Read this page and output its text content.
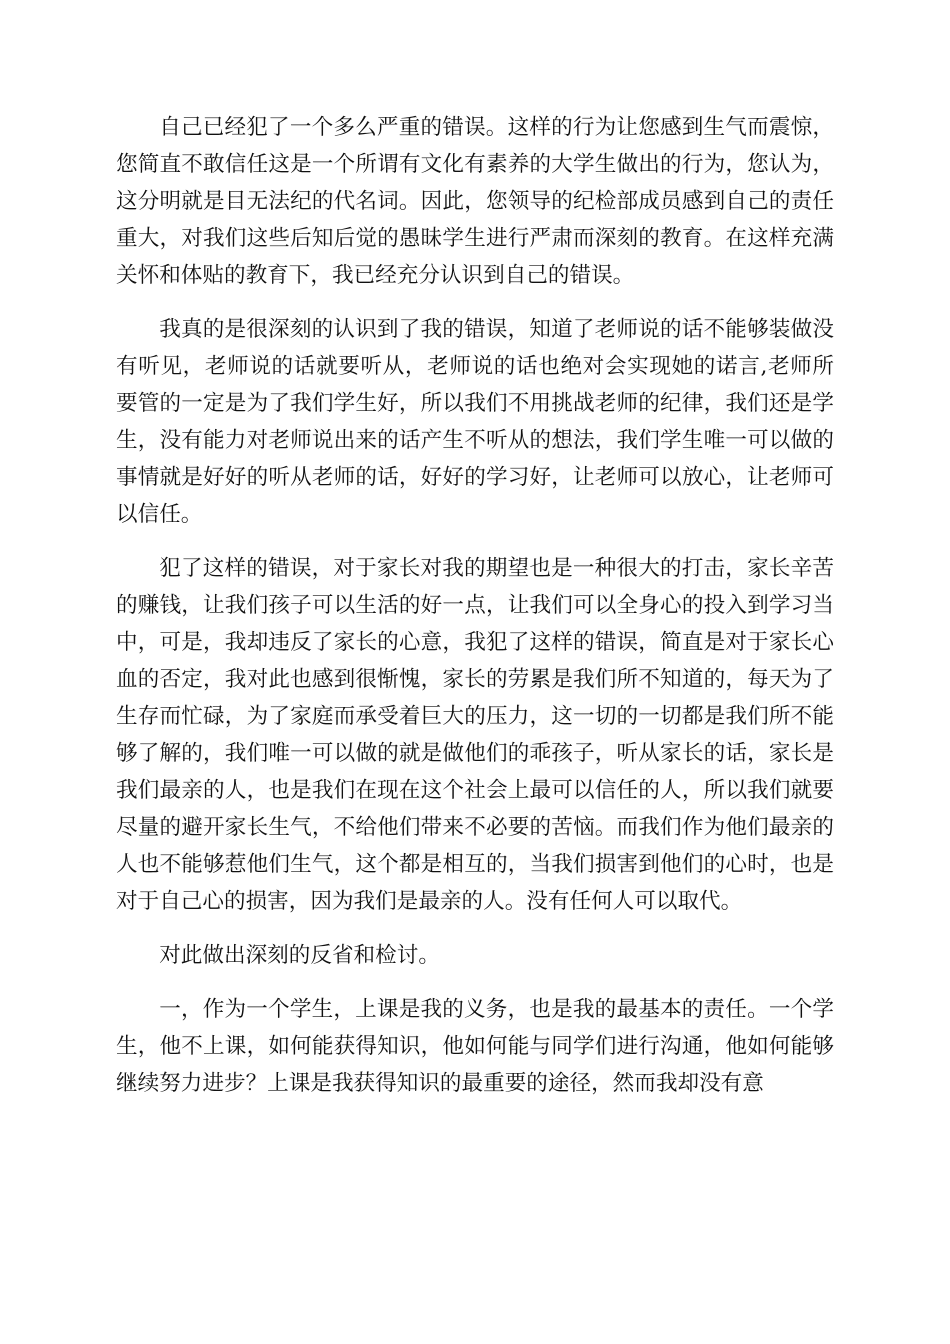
自己已经犯了一个多么严重的错误。这样的行为让您感到生气而震惊，您简直不敢信任这是一个所谓有文化有素养的大学生做出的行为，您认为，这分明就是目无法纪的代名词。因此，您领导的纪检部成员感到自己的责任重大，对我们这些后知后觉的愚昧学生进行严肃而深刻的教育。在这样充满关怀和体贴的教育下，我已经充分认识到自己的错误。

我真的是很深刻的认识到了我的错误，知道了老师说的话不能够装做没有听见，老师说的话就要听从，老师说的话也绝对会实现她的诺言,老师所要管的一定是为了我们学生好，所以我们不用挑战老师的纪律，我们还是学生，没有能力对老师说出来的话产生不听从的想法，我们学生唯一可以做的事情就是好好的听从老师的话，好好的学习好，让老师可以放心，让老师可以信任。

犯了这样的错误，对于家长对我的期望也是一种很大的打击，家长辛苦的赚钱，让我们孩子可以生活的好一点，让我们可以全身心的投入到学习当中，可是，我却违反了家长的心意，我犯了这样的错误，简直是对于家长心血的否定，我对此也感到很惭愧，家长的劳累是我们所不知道的，每天为了生存而忙碌，为了家庭而承受着巨大的压力，这一切的一切都是我们所不能够了解的，我们唯一可以做的就是做他们的乖孩子，听从家长的话，家长是我们最亲的人，也是我们在现在这个社会上最可以信任的人，所以我们就要尽量的避开家长生气，不给他们带来不必要的苦恼。而我们作为他们最亲的人也不能够惹他们生气，这个都是相互的，当我们损害到他们的心时，也是对于自己心的损害，因为我们是最亲的人。没有任何人可以取代。

对此做出深刻的反省和检讨。

一，作为一个学生，上课是我的义务，也是我的最基本的责任。一个学生，他不上课，如何能获得知识，他如何能与同学们进行沟通，他如何能够继续努力进步？上课是我获得知识的最重要的途径，然而我却没有意
